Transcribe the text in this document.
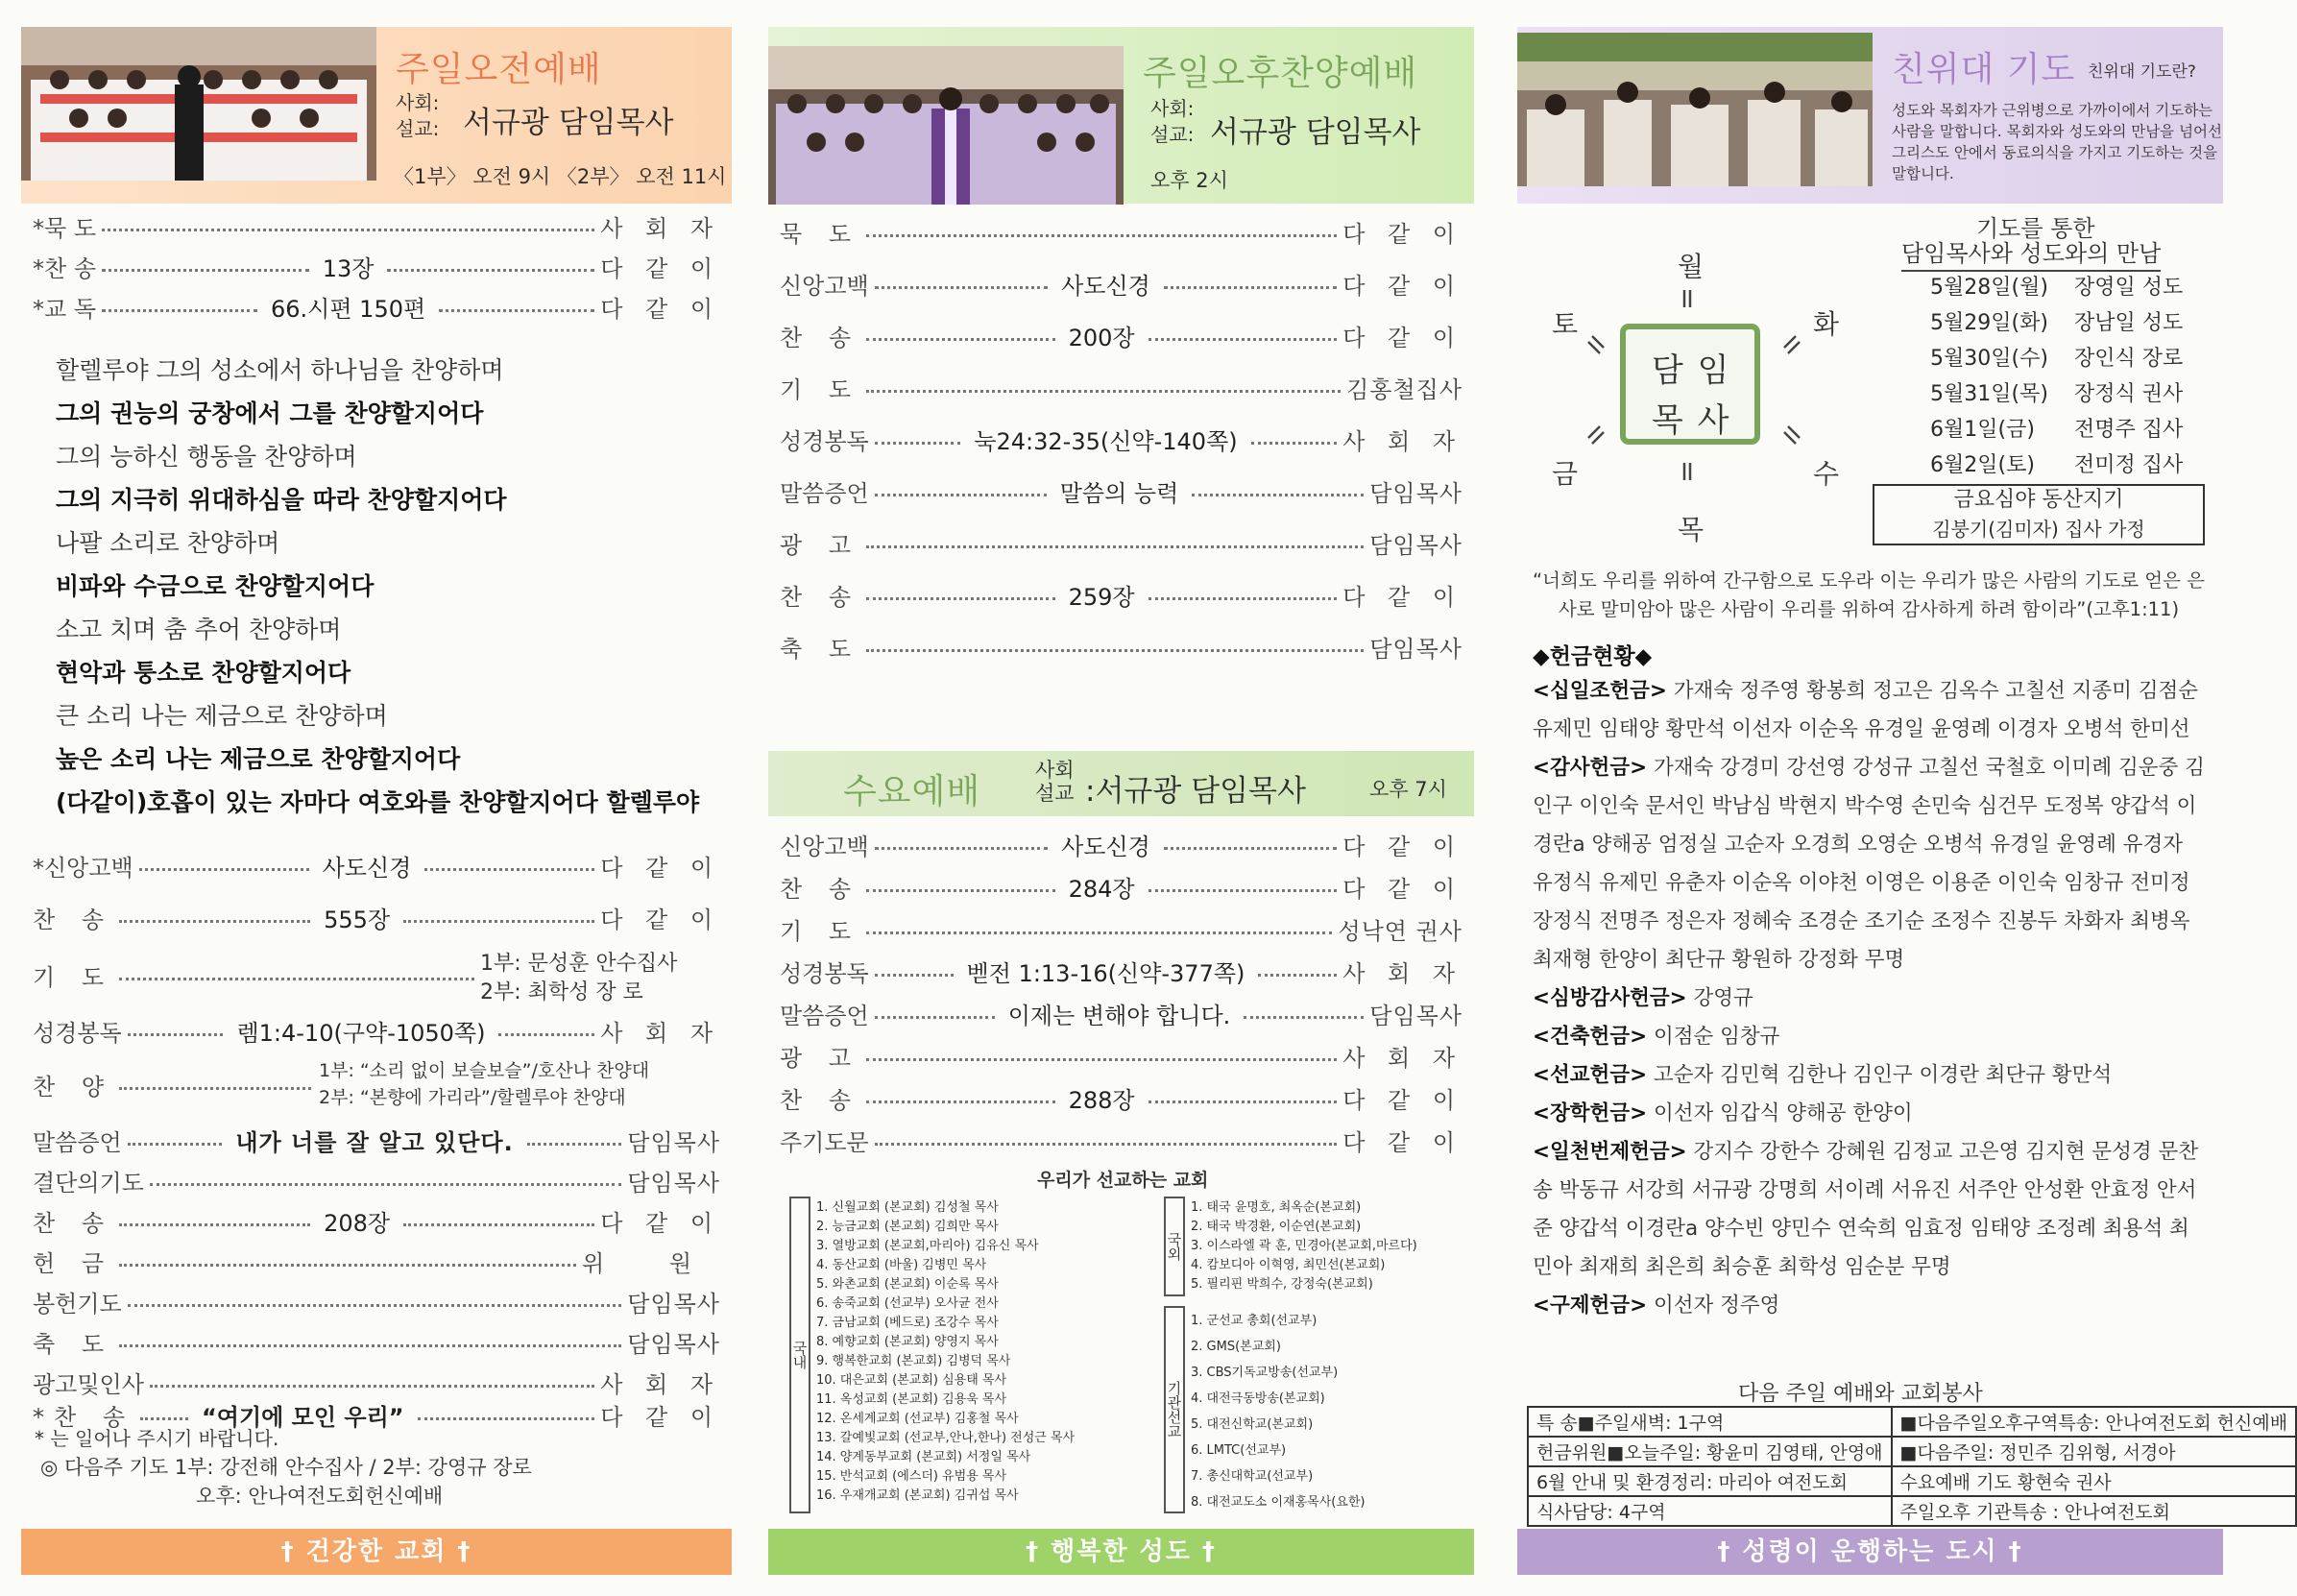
주일오전예배
사회:
설교: 서규광 담임목사
〈1부〉 오전 9시 〈2부〉 오전 11시
*묵 도	사 회 자
*찬 송	13장	다 같 이
*교 독	66.시편 150편	다 같 이
할렐루야 그의 성소에서 하나님을 찬양하며
그의 권능의 궁창에서 그를 찬양할지어다
그의 능하신 행동을 찬양하며
그의 지극히 위대하심을 따라 찬양할지어다
나팔 소리로 찬양하며
비파와 수금으로 찬양할지어다
소고 치며 춤 추어 찬양하며
현악과 퉁소로 찬양할지어다
큰 소리 나는 제금으로 찬양하며
높은 소리 나는 제금으로 찬양할지어다
(다같이)호흡이 있는 자마다 여호와를 찬양할지어다 할렐루야
*신앙고백	사도신경	다 같 이
찬 송	555장	다 같 이
기 도	1부: 문성훈 안수집사
2부: 최학성 장 로
성경봉독	렘1:4-10(구약-1050쪽)	사 회 자
찬 양
1부: “소리 없이 보슬보슬”/호산나 찬양대
2부: “본향에 가리라”/할렐루야 찬양대
말씀증언	내가 너를 잘 알고 있단다.	담임목사
결단의기도	담임목사
찬 송	208장	다 같 이
헌 금	위 원
봉헌기도	담임목사
축 도	담임목사
광고및인사	사 회 자
*찬 송	“여기에 모인 우리”	다 같 이
* 는 일어나 주시기 바랍니다.
◎ 다음주 기도 1부: 강전해 안수집사 / 2부: 강영규 장로
오후: 안나여전도회헌신예배
† 건강한 교회 †
주일오후찬양예배
사회:
설교: 서규광 담임목사
오후 2시
묵 도	다 같 이
신앙고백	사도신경	다 같 이
찬 송	200장	다 같 이
기 도	김홍철집사
성경봉독	눅24:32-35(신약-140쪽)	사 회 자
말씀증언	말씀의 능력	담임목사
광 고	담임목사
찬 송	259장	다 같 이
축 도	담임목사
수요예배
사회
설교 :서규광 담임목사	오후 7시
신앙고백	사도신경	다 같 이
찬 송	284장	다 같 이
기 도	성낙연 권사
성경봉독	벧전 1:13-16(신약-377쪽)	사 회 자
말씀증언	이제는 변해야 합니다.	담임목사
광 고	사 회 자
찬 송	288장	다 같 이
주기도문	다 같 이
우리가 선교하는 교회
국내
1. 신월교회 (본교회) 김성철 목사
2. 능금교회 (본교회) 김희만 목사
3. 열방교회 (본교회,마리아) 김유신 목사
4. 동산교회 (바울) 김병민 목사
5. 와촌교회 (본교회) 이순록 목사
6. 송죽교회 (선교부) 오사균 전사
7. 금남교회 (베드로) 조강수 목사
8. 예향교회 (본교회) 양영지 목사
9. 행복한교회 (본교회) 김병덕 목사
10. 대은교회 (본교회) 심용태 목사
11. 옥성교회 (본교회) 김용욱 목사
12. 온세계교회 (선교부) 김홍철 목사
13. 갈예빛교회 (선교부,안나,한나) 전성근 목사
14. 양계동부교회 (본교회) 서정일 목사
15. 반석교회 (에스더) 유범용 목사
16. 우재개교회 (본교회) 김귀섭 목사
국외
1. 태국 윤명호, 최옥순(본교회)
2. 태국 박경환, 이순연(본교회)
3. 이스라엘 곽 훈, 민경아(본교회,마르다)
4. 캄보디아 이혁영, 최민선(본교회)
5. 필리핀 박희수, 강정숙(본교회)
기관선교
1. 군선교 총회(선교부)
2. GMS(본교회)
3. CBS기독교방송(선교부)
4. 대전극동방송(본교회)
5. 대전신학교(본교회)
6. LMTC(선교부)
7. 총신대학교(선교부)
8. 대전교도소 이재홍목사(요한)
† 행복한 성도 †
친위대 기도 친위대 기도란?
성도와 목회자가 근위병으로 가까이에서 기도하는
사람을 말합니다. 목회자와 성도와의 만남을 넘어선
그리스도 안에서 동료의식을 가지고 기도하는 것을
말합니다.
월
화
수
목
금
토
담 임
목 사
기도를 통한
담임목사와 성도와의 만남
5월28일(월)	장영일 성도
5월29일(화)	장남일 성도
5월30일(수)	장인식 장로
5월31일(목)	장정식 권사
6월1일(금)	전명주 집사
6월2일(토)	전미정 집사
금요심야 동산지기
김붕기(김미자) 집사 가정
“너희도 우리를 위하여 간구함으로 도우라 이는 우리가 많은 사람의 기도로 얻은 은사로 말미암아 많은 사람이 우리를 위하여 감사하게 하려 함이라”(고후1:11)
◆헌금현황◆
<십일조헌금> 가재숙 정주영 황봉희 정고은 김옥수 고칠선 지종미 김점순 유제민 임태양 황만석 이선자 이순옥 유경일 윤영례 이경자 오병석 한미선
<감사헌금> 가재숙 강경미 강선영 강성규 고칠선 국철호 이미례 김운중 김인구 이인숙 문서인 박남심 박현지 박수영 손민숙 심건무 도정복 양갑석 이경란a 양해공 엄정실 고순자 오경희 오영순 오병석 유경일 윤영례 유경자 유정식 유제민 유춘자 이순옥 이야천 이영은 이용준 이인숙 임창규 전미정 장정식 전명주 정은자 정혜숙 조경순 조기순 조정수 진봉두 차화자 최병옥 최재형 한양이 최단규 황원하 강정화 무명
<심방감사헌금> 강영규
<건축헌금> 이점순 임창규
<선교헌금> 고순자 김민혁 김한나 김인구 이경란 최단규 황만석
<장학헌금> 이선자 임갑식 양해공 한양이
<일천번제헌금> 강지수 강한수 강혜원 김정교 고은영 김지현 문성경 문찬송 박동규 서강희 서규광 강명희 서이례 서유진 서주안 안성환 안효정 안서준 양갑석 이경란a 양수빈 양민수 연숙희 임효정 임태양 조정례 최용석 최민아 최재희 최은희 최승훈 최학성 임순분 무명
<구제헌금> 이선자 정주영
다음 주일 예배와 교회봉사
특 송■주일새벽: 1구역	■다음주일오후구역특송: 안나여전도회 헌신예배
헌금위원■오늘주일: 황윤미 김영태, 안영애	■다음주일: 정민주 김위형, 서경아
6월 안내 및 환경정리: 마리아 여전도회	수요예배 기도 황현숙 권사
식사담당: 4구역	주일오후 기관특송 : 안나여전도회
† 성령이 운행하는 도시 †
